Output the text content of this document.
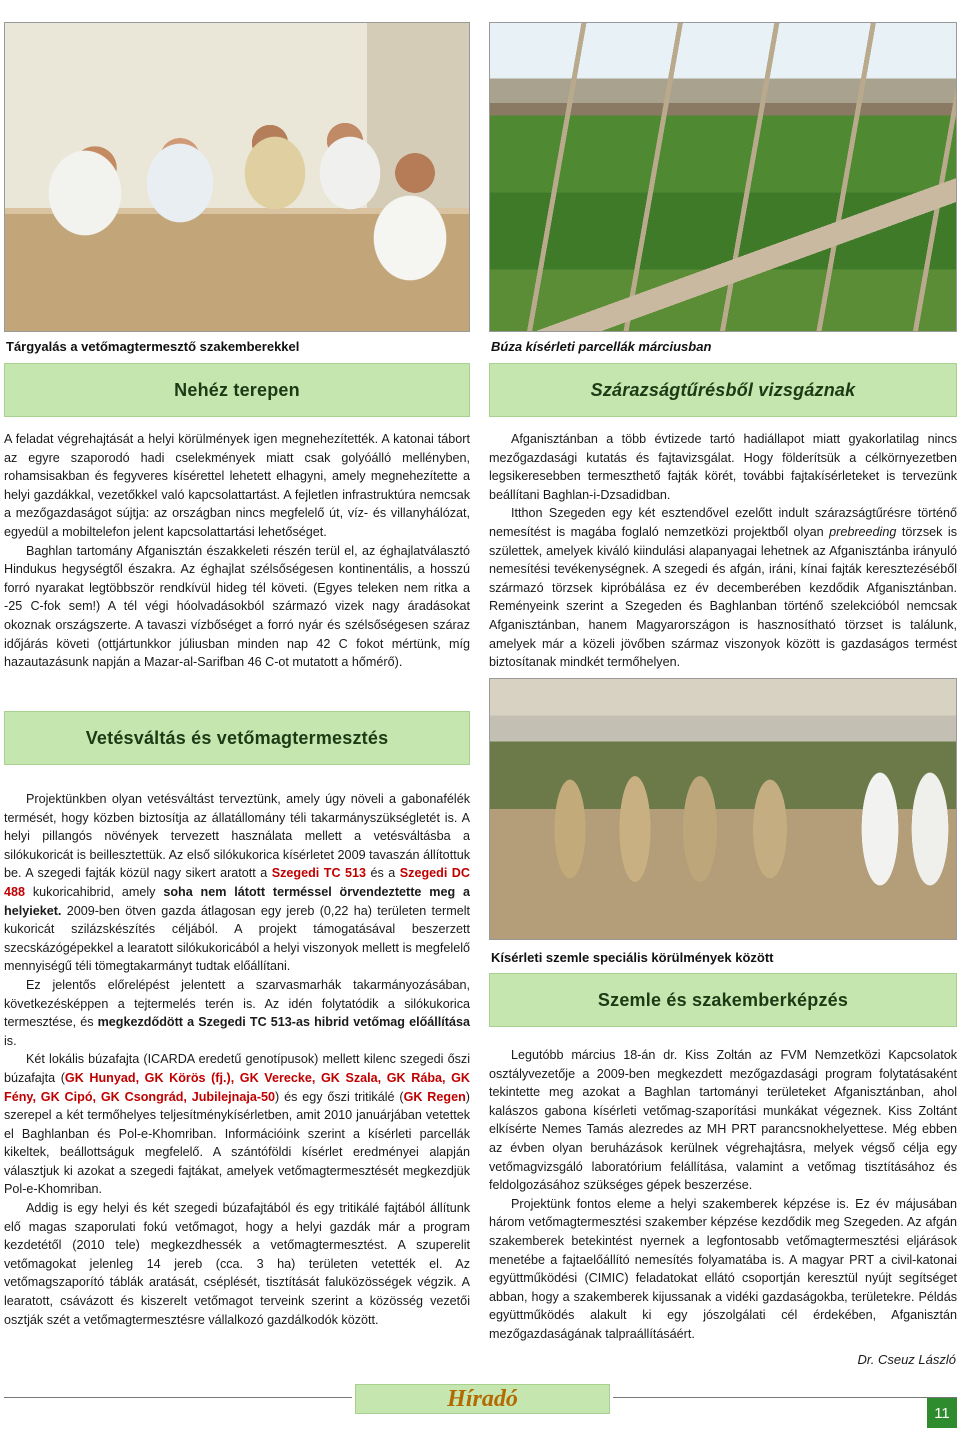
Tárgyalás a vetőmagtermesztő szakemberekkel	Búza kísérleti parcellák márciusban
Kísérleti szemle speciális körülmények között
Nehéz terepen	Szárazságtűrésből vizsgáznak
Vetésváltás és vetőmagtermesztés
Szemle és szakemberképzés

A feladat végrehajtását a helyi körülmények igen megnehezítették. A katonai tábort az egyre szaporodó hadi cselekmények miatt csak golyóálló mellényben, rohamsisakban és fegyveres kísérettel lehetett elhagyni, amely megnehezítette a helyi gazdákkal, vezetőkkel való kapcsolattartást. A fejletlen infrastruktúra nemcsak a mezőgazdaságot sújtja: az országban nincs megfelelő út, víz- és villanyhálózat, egyedül a mobiltelefon jelent kapcsolattartási lehetőséget.

Baghlan tartomány Afganisztán északkeleti részén terül el, az éghajlatválasztó Hindukus hegységtől északra. Az éghajlat szélsőségesen kontinentális, a hosszú forró nyarakat legtöbbször rendkívül hideg tél követi. (Egyes teleken nem ritka a -25 C-fok sem!) A tél végi hóolvadásokból származó vizek nagy áradásokat okoznak országszerte. A tavaszi vízbőséget a forró nyár és szélsőségesen száraz időjárás követi (ottjártunkkor júliusban minden nap 42 C fokot mértünk, míg hazautazásunk napján a Mazar-al-Sarifban 46 C-ot mutatott a hőmérő).

Afganisztánban a több évtizede tartó hadiállapot miatt gyakorlatilag nincs mezőgazdasági kutatás és fajtavizsgálat. Hogy földerítsük a célkörnyezetben legsikeresebben termeszthető fajták körét, további fajtakísérleteket is tervezünk beállítani Baghlan-i-Dzsadidban.

Itthon Szegeden egy két esztendővel ezelőtt indult szárazságtűrésre történő nemesítést is magába foglaló nemzetközi projektből olyan prebreeding törzsek is születtek, amelyek kiváló kiindulási alapanyagai lehetnek az Afganisztánba irányuló nemesítési tevékenységnek. A szegedi és afgán, iráni, kínai fajták keresztezéséből származó törzsek kipróbálása ez év decemberében kezdődik Afganisztánban. Reményeink szerint a Szegeden és Baghlanban történő szelekcióból nemcsak Afganisztánban, hanem Magyarországon is hasznosítható törzset is találunk, amelyek már a közeli jövőben származ viszonyok között is gazdaságos termést biztosítanak mindkét termőhelyen.

Projektünkben olyan vetésváltást terveztünk, amely úgy növeli a gabonafélék termését, hogy közben biztosítja az állatállomány téli takarmányszükségletét is. A helyi pillangós növények tervezett használata mellett a vetésváltásba a silókukoricát is beillesztettük. Az első silókukorica kísérletet 2009 tavaszán állítottuk be. A szegedi fajták közül nagy sikert aratott a Szegedi TC 513 és a Szegedi DC 488 kukoricahibrid, amely soha nem látott terméssel örvendeztette meg a helyieket. 2009-ben ötven gazda átlagosan egy jereb (0,22 ha) területen termelt kukoricát szilázskészítés céljából. A projekt támogatásával beszerzett szecskázógépekkel a learatott silókukoricából a helyi viszonyok mellett is megfelelő mennyiségű téli tömegtakarmányt tudtak előállítani.

Ez jelentős előrelépést jelentett a szarvasmarhák takarmányozásában, következésképpen a tejtermelés terén is. Az idén folytatódik a silókukorica termesztése, és megkezdődött a Szegedi TC 513-as hibrid vetőmag előállítása is.

Két lokális búzafajta (ICARDA eredetű genotípusok) mellett kilenc szegedi őszi búzafajta (GK Hunyad, GK Körös (fj.), GK Verecke, GK Szala, GK Rába, GK Fény, GK Cipó, GK Csongrád, Jubilejnaja-50) és egy őszi tritikálé (GK Regen) szerepel a két termőhelyes teljesítménykísérletben, amit 2010 januárjában vetettek el Baghlanban és Pol-e-Khomriban. Információink szerint a kísérleti parcellák kikeltek, beállottságuk megfelelő. A szántóföldi kísérlet eredményei alapján választjuk ki azokat a szegedi fajtákat, amelyek vetőmagtermesztését megkezdjük Pol-e-Khomriban.

Addig is egy helyi és két szegedi búzafajtából és egy tritikálé fajtából állítunk elő magas szaporulati fokú vetőmagot, hogy a helyi gazdák már a program kezdetétől (2010 tele) megkezdhessék a vetőmagtermesztést. A szuperelit vetőmagokat jelenleg 14 jereb (cca. 3 ha) területen vetették el. Az vetőmagszaporító táblák aratását, cséplését, tisztítását faluközösségek végzik. A learatott, csávázott és kiszerelt vetőmagot terveink szerint a közösség vezetői osztják szét a vetőmagtermesztésre vállalkozó gazdálkodók között.

Legutóbb március 18-án dr. Kiss Zoltán az FVM Nemzetközi Kapcsolatok osztályvezetője a 2009-ben megkezdett mezőgazdasági program folytatásaként tekintette meg azokat a Baghlan tartományi területeket Afganisztánban, ahol kalászos gabona kísérleti vetőmag-szaporítási munkákat végeznek. Kiss Zoltánt elkísérte Nemes Tamás alezredes az MH PRT parancsnokhelyettese. Még ebben az évben olyan beruházások kerülnek végrehajtásra, melyek végső célja egy vetőmagvizsgáló laboratórium felállítása, valamint a vetőmag tisztításához és feldolgozásához szükséges gépek beszerzése.

Projektünk fontos eleme a helyi szakemberek képzése is. Ez év májusában három vetőmagtermesztési szakember képzése kezdődik meg Szegeden. Az afgán szakemberek betekintést nyernek a legfontosabb vetőmagtermesztési eljárások menetébe a fajtaelőállító nemesítés folyamatába is. A magyar PRT a civil-katonai együttműködési (CIMIC) feladatokat ellátó csoportján keresztül nyújt segítséget abban, hogy a szakemberek kijussanak a vidéki gazdaságokba, területekre. Példás együttműködés alakult ki egy jószolgálati cél érdekében, Afganisztán mezőgazdaságának talpraállításáért.

Dr. Cseuz László
Híradó
11
